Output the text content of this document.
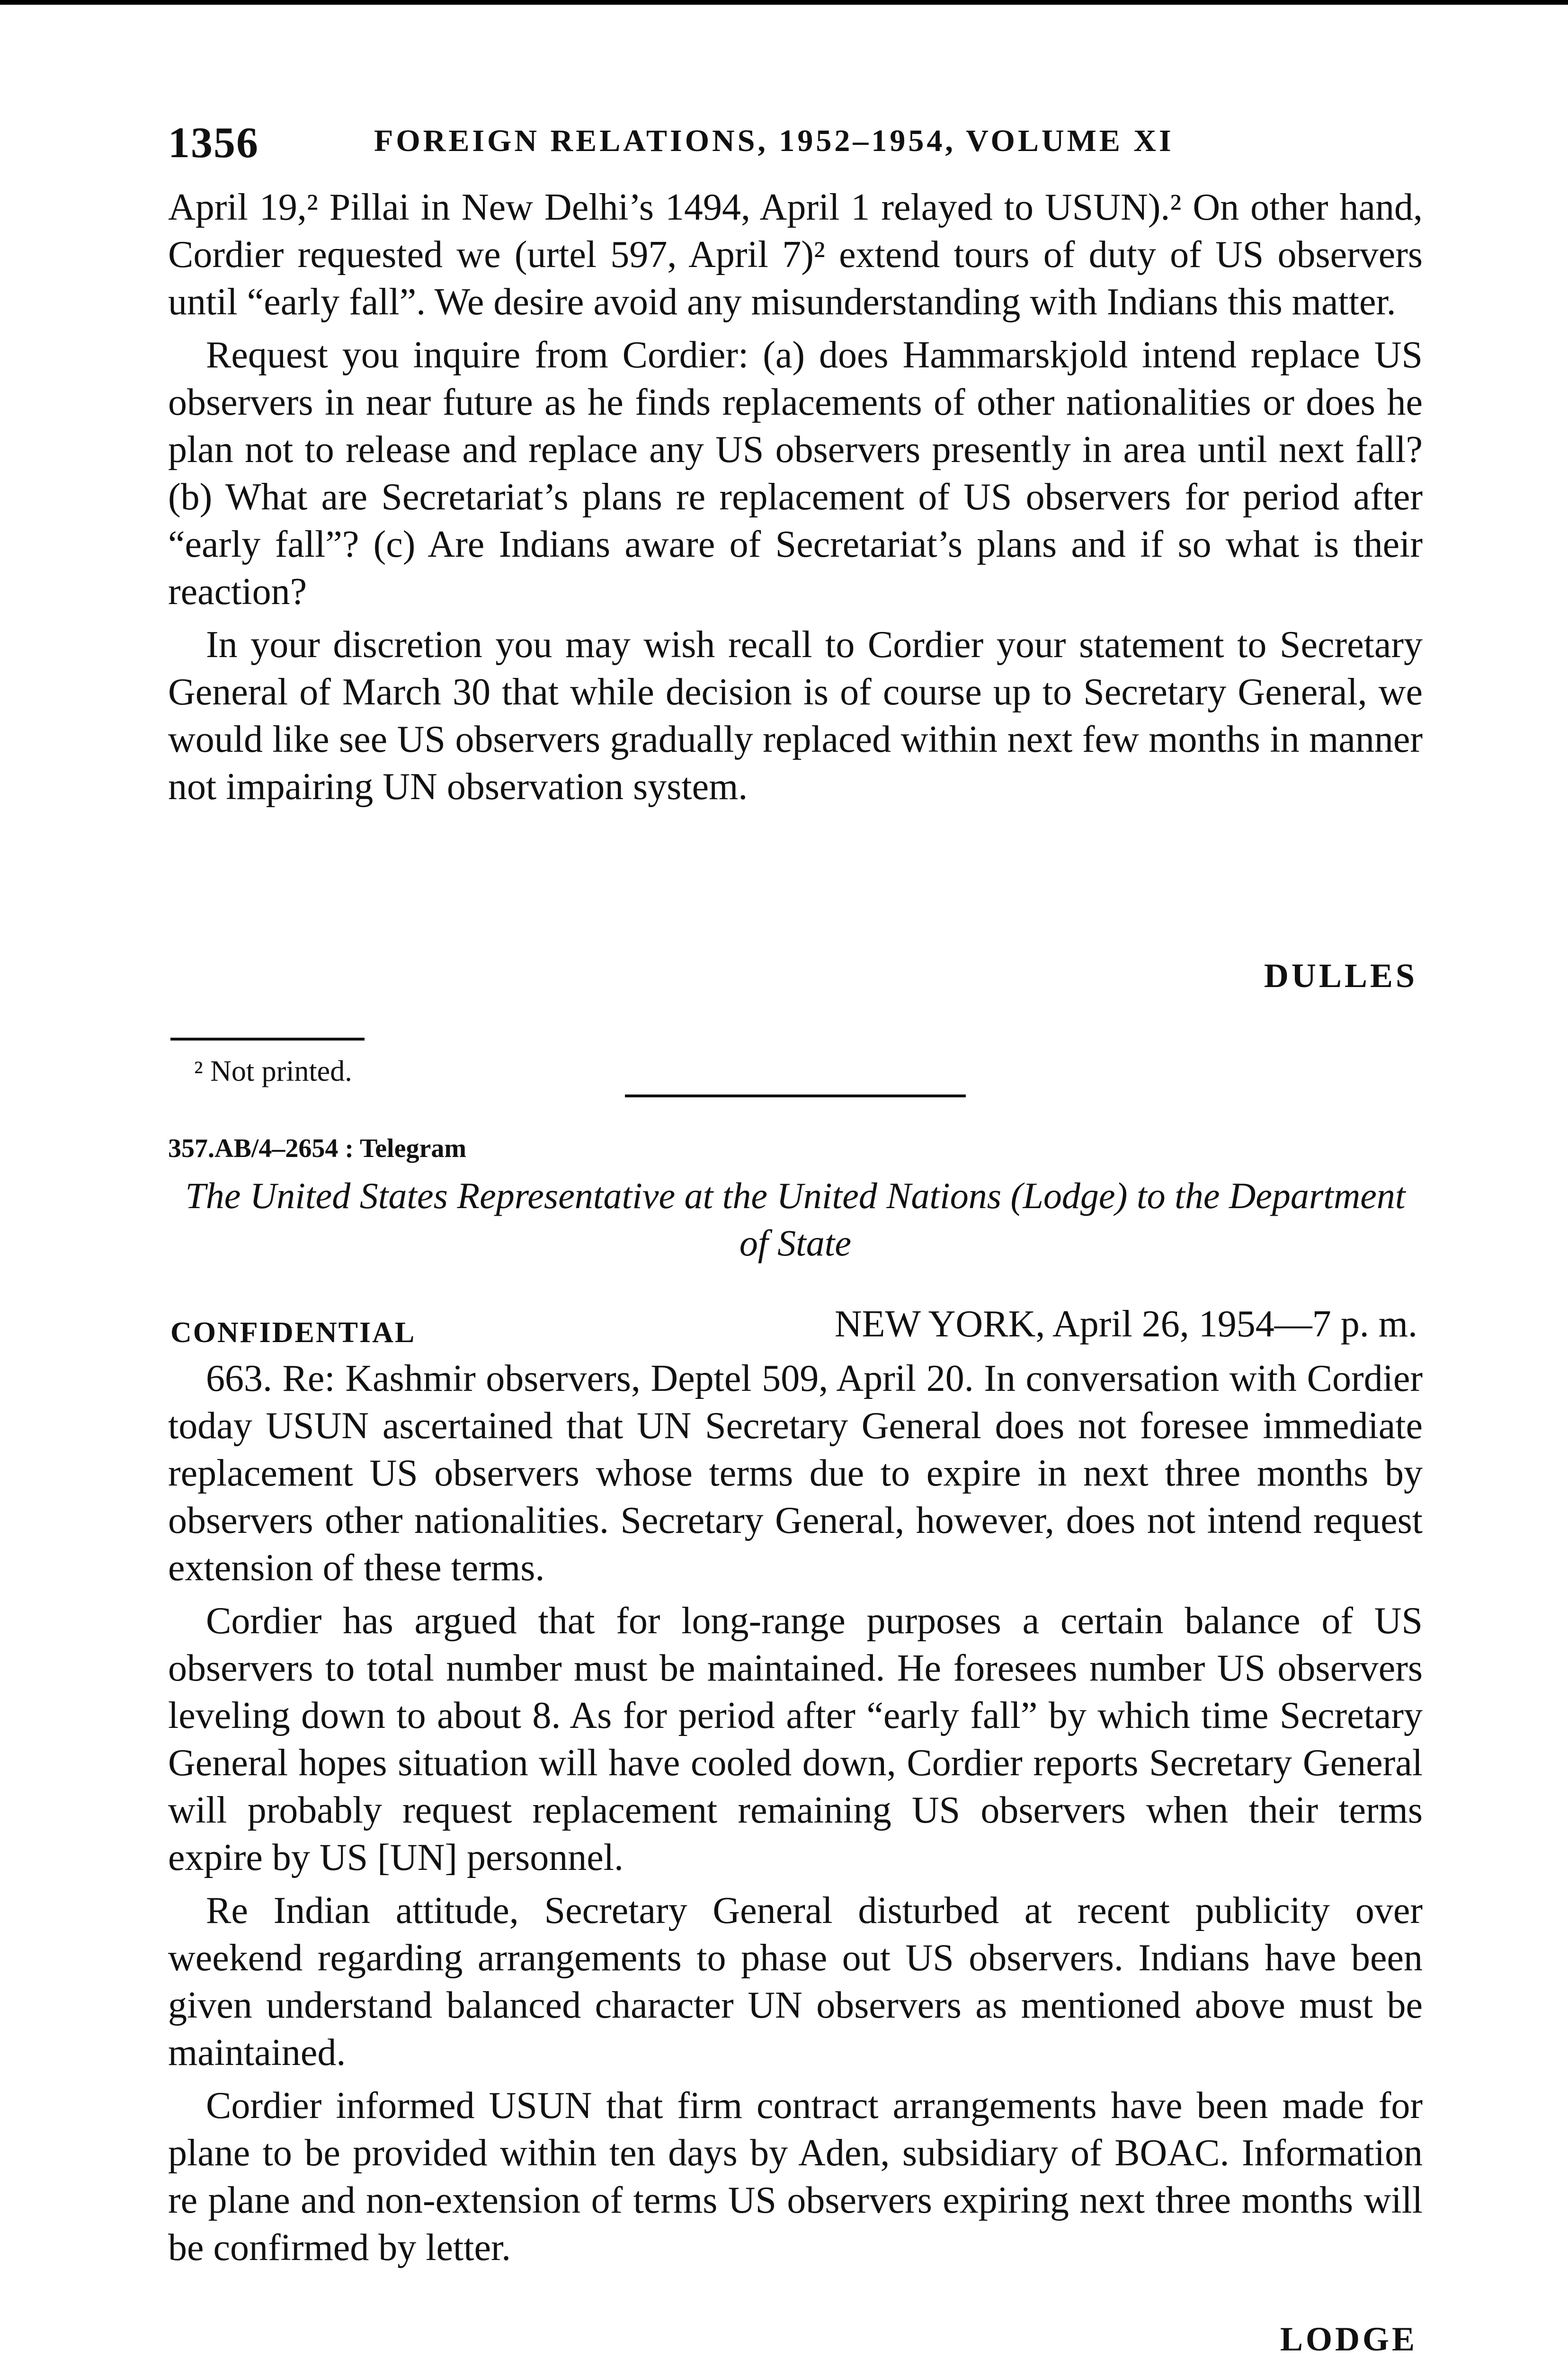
1356	FOREIGN RELATIONS, 1952–1954, VOLUME XI

April 19,² Pillai in New Delhi’s 1494, April 1 relayed to USUN).² On other hand, Cordier requested we (urtel 597, April 7)² extend tours of duty of US observers until “early fall”. We desire avoid any misunderstanding with Indians this matter.

Request you inquire from Cordier: (a) does Hammarskjold intend replace US observers in near future as he finds replacements of other nationalities or does he plan not to release and replace any US observers presently in area until next fall? (b) What are Secretariat’s plans re replacement of US observers for period after “early fall”? (c) Are Indians aware of Secretariat’s plans and if so what is their reaction?

In your discretion you may wish recall to Cordier your statement to Secretary General of March 30 that while decision is of course up to Secretary General, we would like see US observers gradually replaced within next few months in manner not impairing UN observation system.

DULLES
² Not printed.
357.AB/4–2654 : Telegram
The United States Representative at the United Nations (Lodge) to the Department of State
CONFIDENTIAL	NEW YORK, April 26, 1954—7 p. m.

663. Re: Kashmir observers, Deptel 509, April 20. In conversation with Cordier today USUN ascertained that UN Secretary General does not foresee immediate replacement US observers whose terms due to expire in next three months by observers other nationalities. Secretary General, however, does not intend request extension of these terms.

Cordier has argued that for long-range purposes a certain balance of US observers to total number must be maintained. He foresees number US observers leveling down to about 8. As for period after “early fall” by which time Secretary General hopes situation will have cooled down, Cordier reports Secretary General will probably request replacement remaining US observers when their terms expire by US [UN] personnel.

Re Indian attitude, Secretary General disturbed at recent publicity over weekend regarding arrangements to phase out US observers. Indians have been given understand balanced character UN observers as mentioned above must be maintained.

Cordier informed USUN that firm contract arrangements have been made for plane to be provided within ten days by Aden, subsidiary of BOAC. Information re plane and non-extension of terms US observers expiring next three months will be confirmed by letter.

LODGE
